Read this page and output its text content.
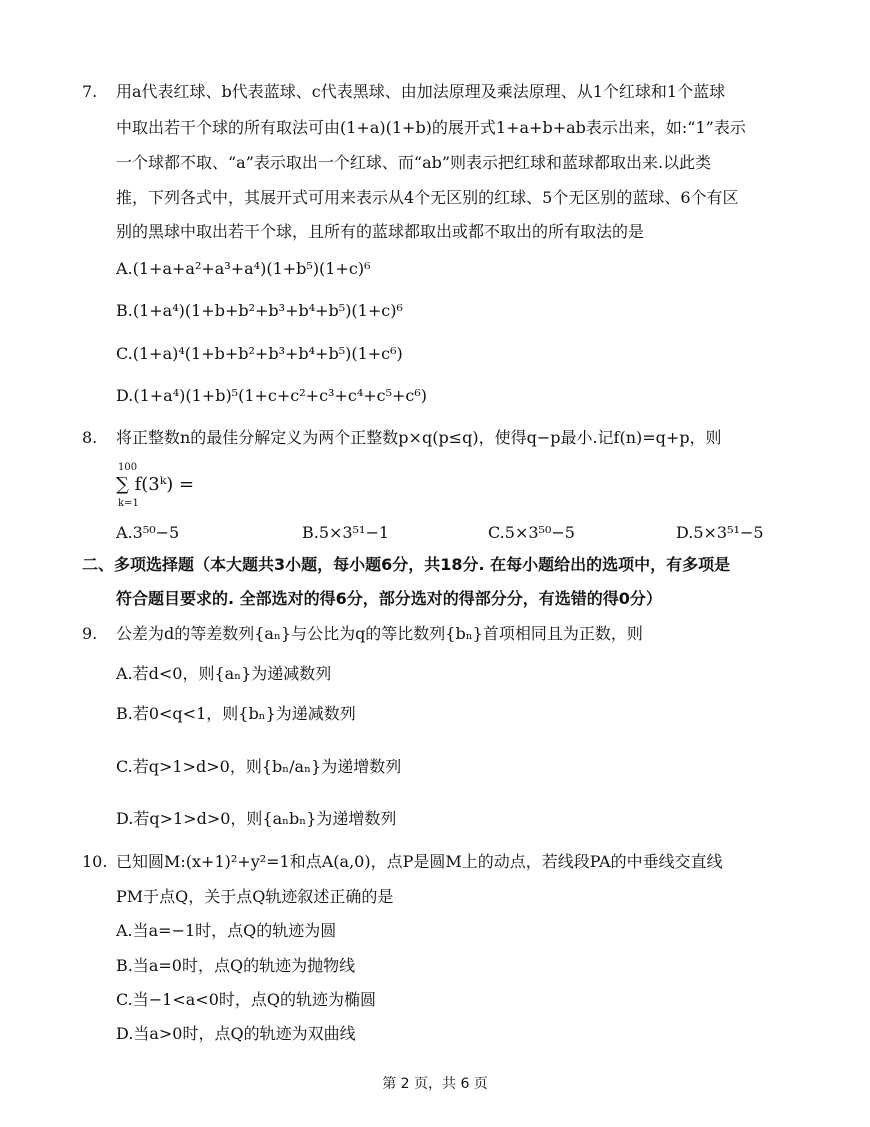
7. 用a代表红球、b代表蓝球、c代表黑球、由加法原理及乘法原理、从1个红球和1个蓝球
中取出若干个球的所有取法可由(1+a)(1+b)的展开式1+a+b+ab表示出来，如:“1”表示
一个球都不取、“a”表示取出一个红球、而“ab”则表示把红球和蓝球都取出来.以此类
推，下列各式中，其展开式可用来表示从4个无区别的红球、5个无区别的蓝球、6个有区
别的黑球中取出若干个球，且所有的蓝球都取出或都不取出的所有取法的是
A.(1+a+a²+a³+a⁴)(1+b⁵)(1+c)⁶
B.(1+a⁴)(1+b+b²+b³+b⁴+b⁵)(1+c)⁶
C.(1+a)⁴(1+b+b²+b³+b⁴+b⁵)(1+c⁶)
D.(1+a⁴)(1+b)⁵(1+c+c²+c³+c⁴+c⁵+c⁶)
8. 将正整数n的最佳分解定义为两个正整数p×q(p≤q)，使得q−p最小.记f(n)=q+p，则
100
∑ f(3ᵏ) =
k=1
A.3⁵⁰−5	B.5×3⁵¹−1	C.5×3⁵⁰−5	D.5×3⁵¹−5
二、多项选择题（本大题共3小题，每小题6分，共18分. 在每小题给出的选项中，有多项是
符合题目要求的. 全部选对的得6分，部分选对的得部分分，有选错的得0分）
9. 公差为d的等差数列{aₙ}与公比为q的等比数列{bₙ}首项相同且为正数，则
A.若d<0，则{aₙ}为递减数列
B.若0<q<1，则{bₙ}为递减数列
C.若q>1>d>0，则{bₙ/aₙ}为递增数列
D.若q>1>d>0，则{aₙbₙ}为递增数列
10. 已知圆M:(x+1)²+y²=1和点A(a,0)，点P是圆M上的动点，若线段PA的中垂线交直线
PM于点Q，关于点Q轨迹叙述正确的是
A.当a=−1时，点Q的轨迹为圆
B.当a=0时，点Q的轨迹为抛物线
C.当−1<a<0时，点Q的轨迹为椭圆
D.当a>0时，点Q的轨迹为双曲线
第 2 页，共 6 页
